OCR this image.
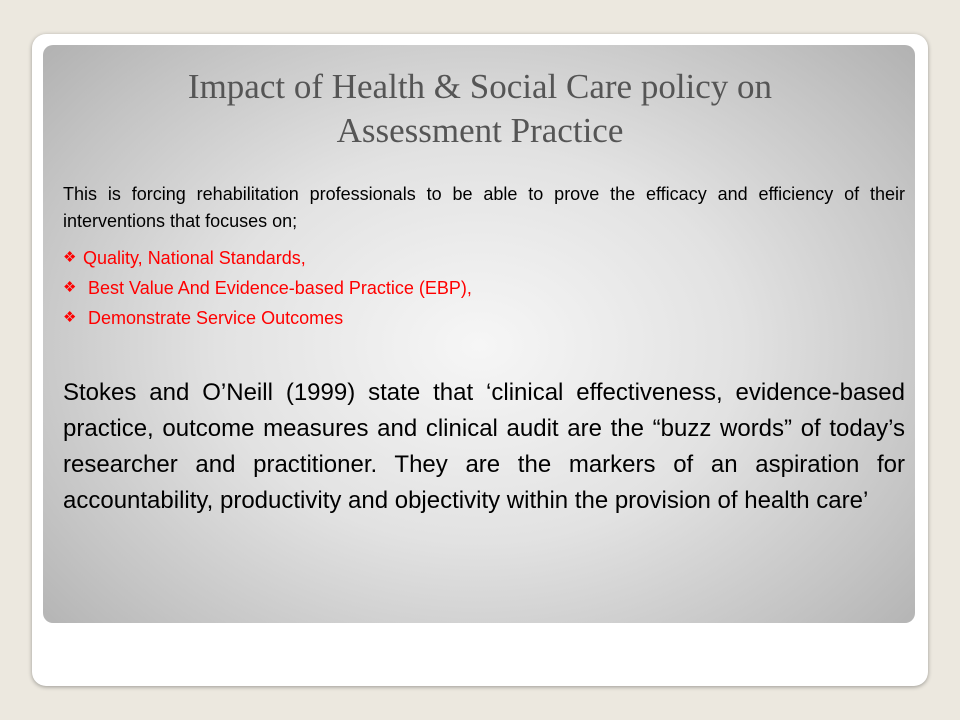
Impact of Health & Social Care policy on
Assessment Practice
This is forcing rehabilitation professionals to be able to prove the efficacy and efficiency of their interventions that focuses on;
❖ Quality, National Standards,
❖ Best Value And Evidence-based Practice (EBP),
❖ Demonstrate Service Outcomes
Stokes and O’Neill (1999) state that ‘clinical effectiveness, evidence-based practice, outcome measures and clinical audit are the “buzz words” of today’s researcher and practitioner. They are the markers of an aspiration for accountability, productivity and objectivity within the provision of health care’
